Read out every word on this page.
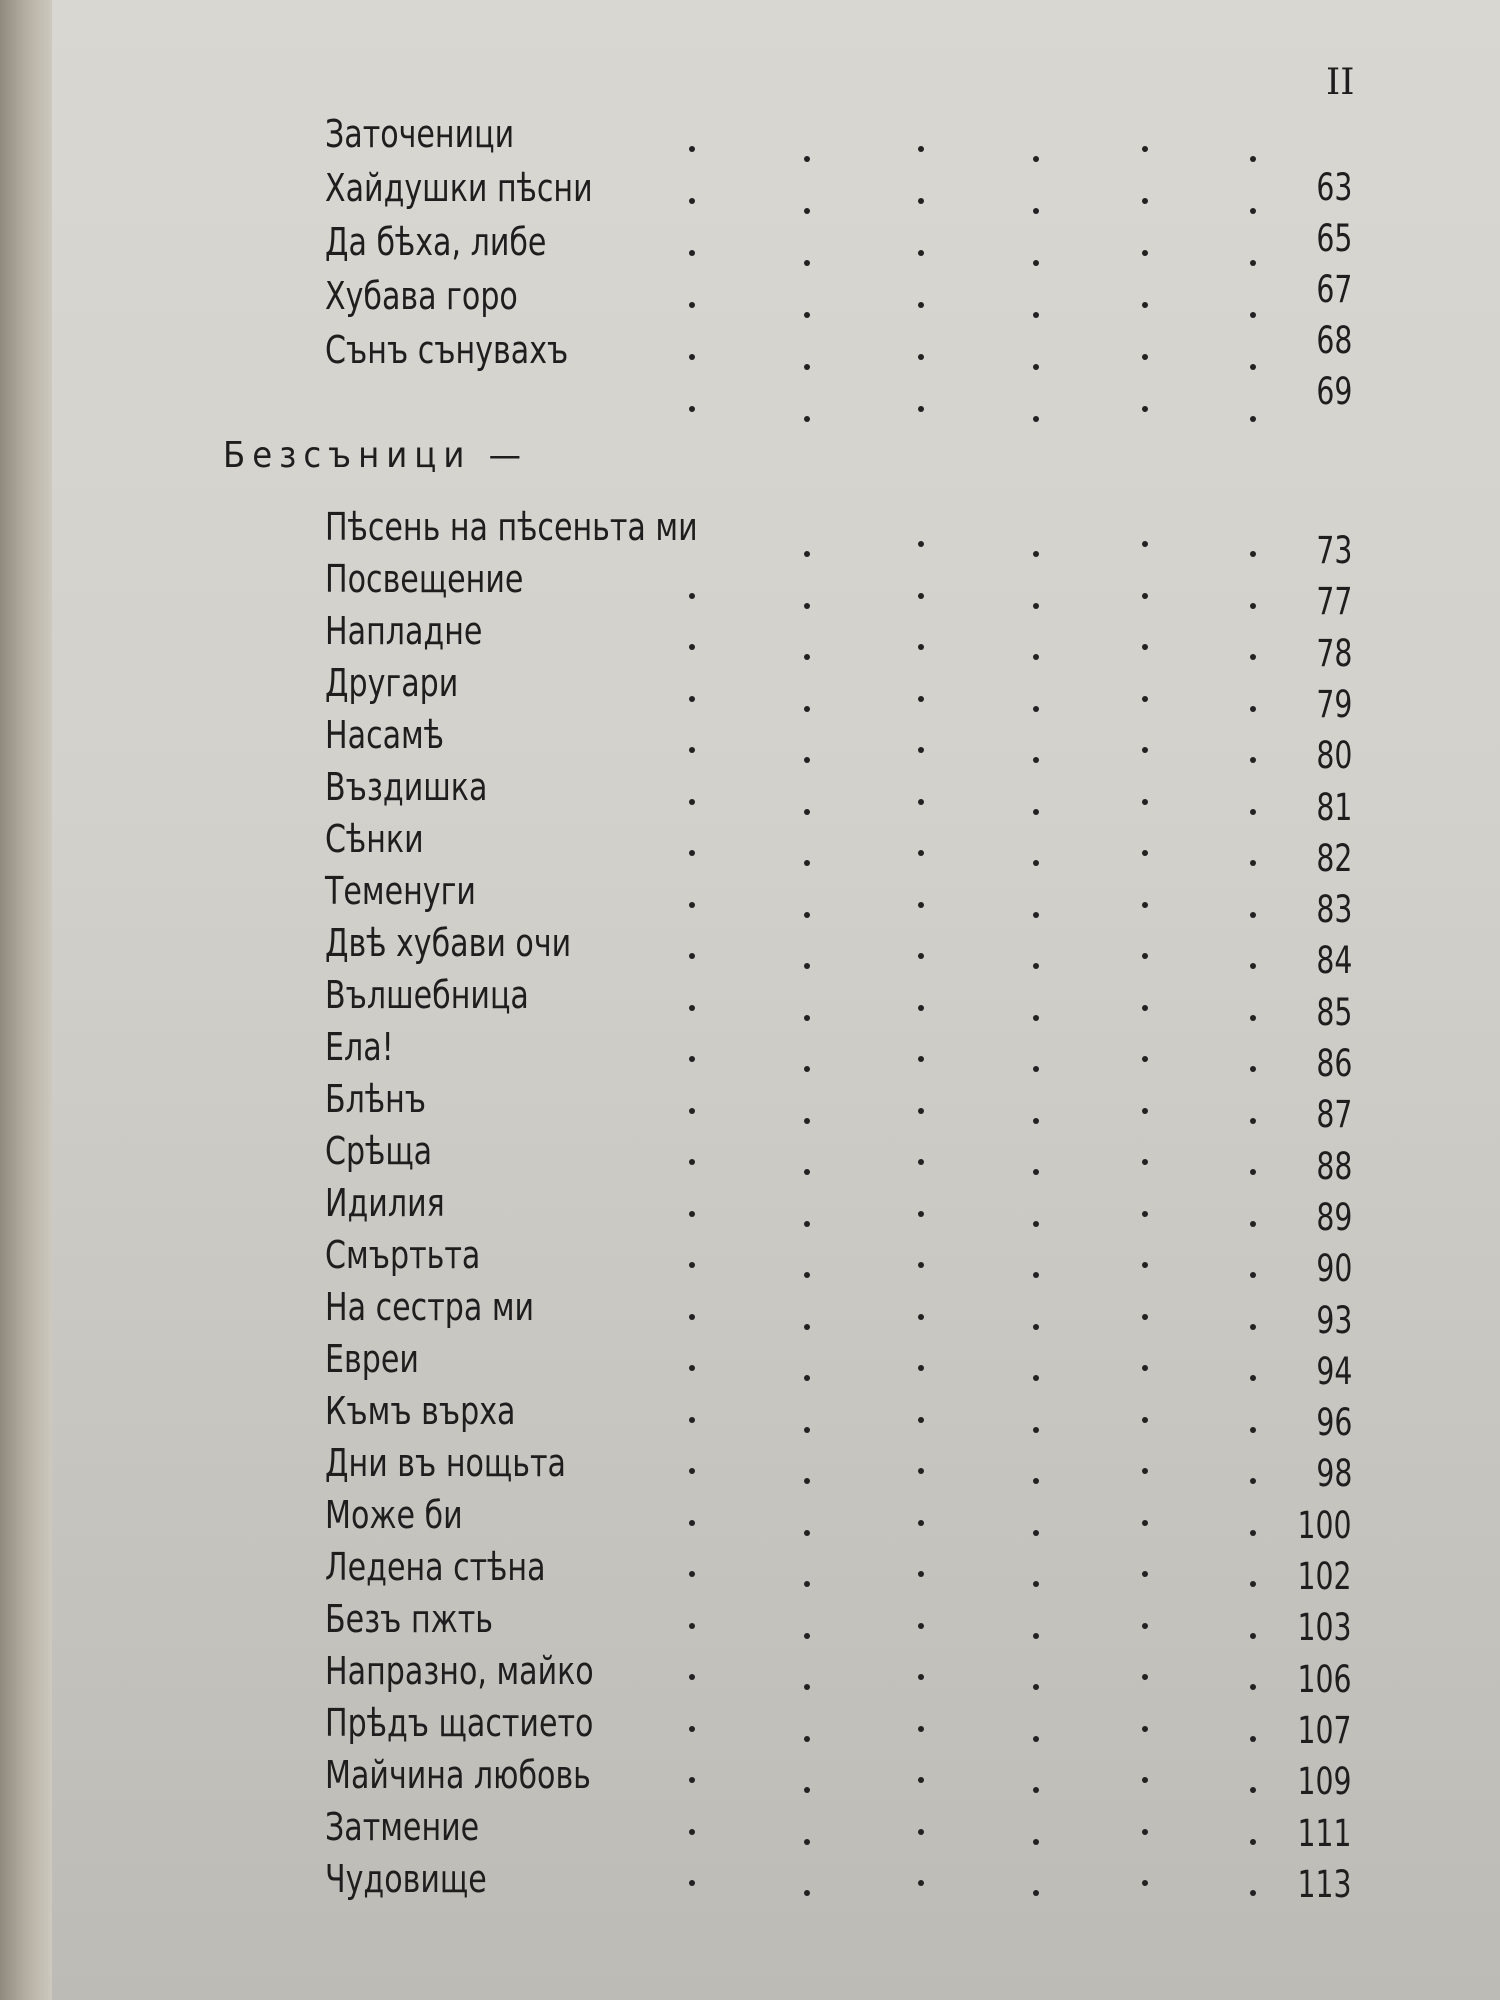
II
Заточеници
Хайдушки пѣсни
Да бѣха, либе
Хубава горо
Сънъ сънувахъ
63
65
67
68
69
Безсъници —
Пѣсень на пѣсеньта ми
Посвещение
Напладне
Другари
Насамѣ
Въздишка
Сѣнки
Теменуги
Двѣ хубави очи
Вълшебница
Ела!
Блѣнъ
Срѣща
Идилия
Смъртьта
На сестра ми
Евреи
Къмъ върха
Дни въ нощьта
Може би
Ледена стѣна
Безъ пжть
Напразно, майко
Прѣдъ щастието
Майчина любовь
Затмение
Чудовище
73
77
78
79
80
81
82
83
84
85
86
87
88
89
90
93
94
96
98
100
102
103
106
107
109
111
113
